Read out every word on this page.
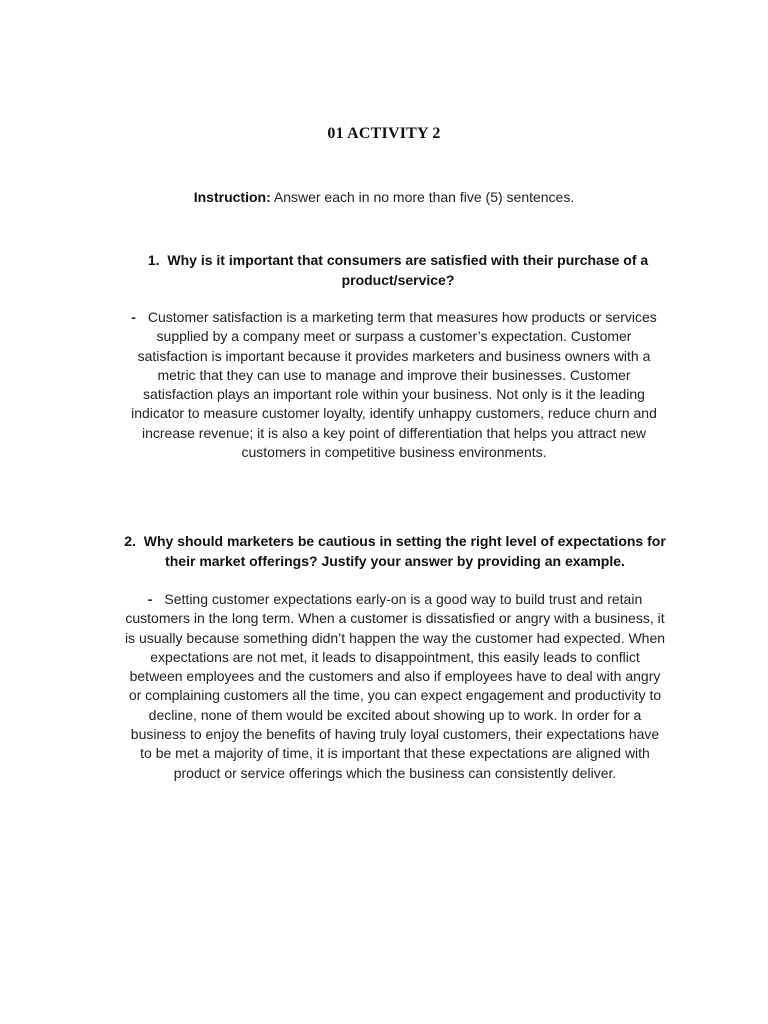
01 ACTIVITY 2
Instruction: Answer each in no more than five (5) sentences.
1. Why is it important that consumers are satisfied with their purchase of a product/service?
- Customer satisfaction is a marketing term that measures how products or services supplied by a company meet or surpass a customer’s expectation. Customer satisfaction is important because it provides marketers and business owners with a metric that they can use to manage and improve their businesses. Customer satisfaction plays an important role within your business. Not only is it the leading indicator to measure customer loyalty, identify unhappy customers, reduce churn and increase revenue; it is also a key point of differentiation that helps you attract new customers in competitive business environments.
2. Why should marketers be cautious in setting the right level of expectations for their market offerings? Justify your answer by providing an example.
- Setting customer expectations early-on is a good way to build trust and retain customers in the long term. When a customer is dissatisfied or angry with a business, it is usually because something didn’t happen the way the customer had expected. When expectations are not met, it leads to disappointment, this easily leads to conflict between employees and the customers and also if employees have to deal with angry or complaining customers all the time, you can expect engagement and productivity to decline, none of them would be excited about showing up to work. In order for a business to enjoy the benefits of having truly loyal customers, their expectations have to be met a majority of time, it is important that these expectations are aligned with product or service offerings which the business can consistently deliver.
